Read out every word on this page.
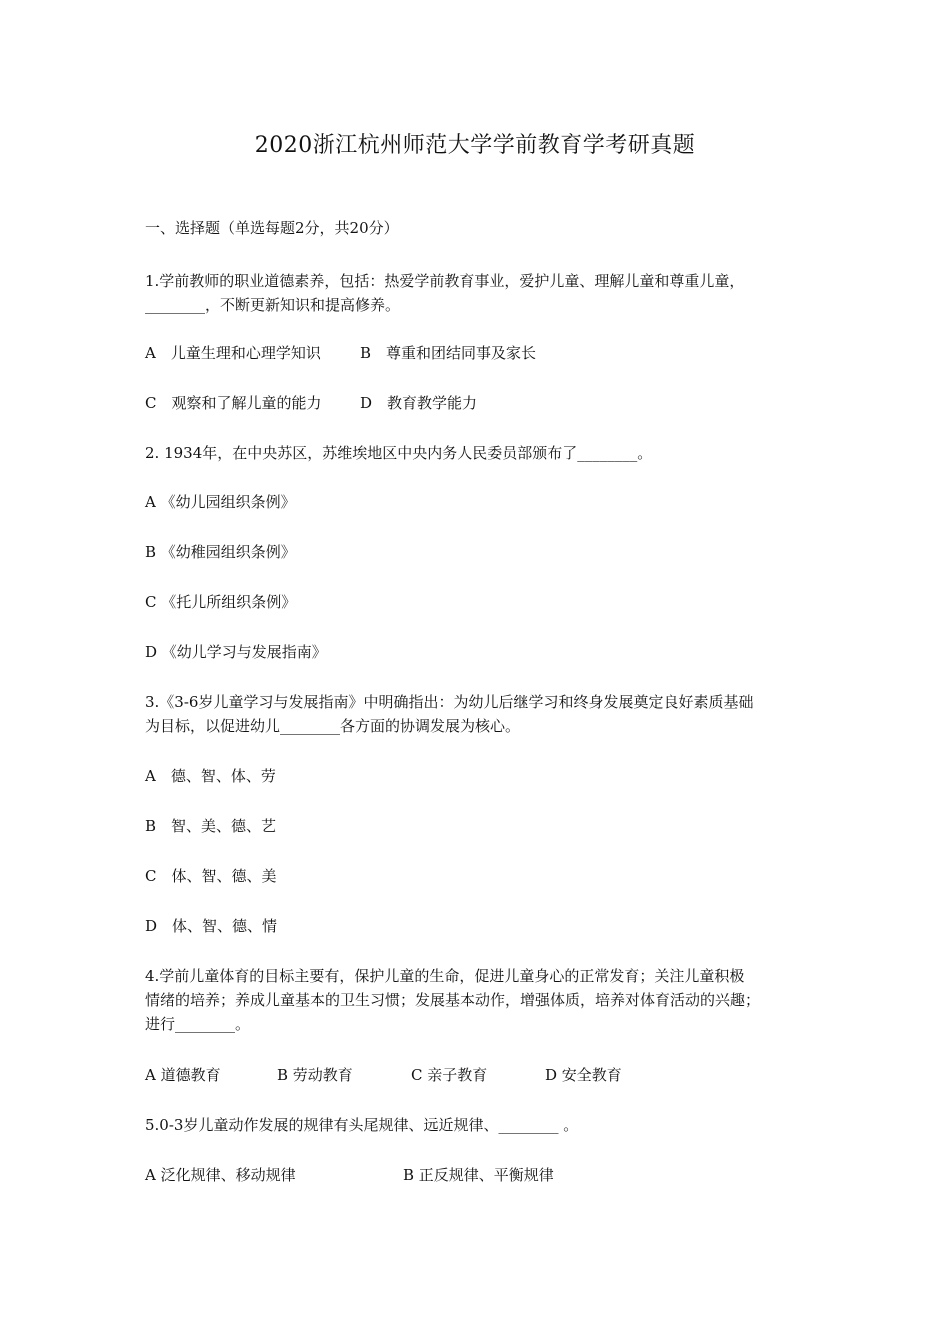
2020浙江杭州师范大学学前教育学考研真题
一、选择题（单选每题2分，共20分）
1.学前教师的职业道德素养，包括：热爱学前教育事业，爱护儿童、理解儿童和尊重儿童，
________，不断更新知识和提高修养。
A　儿童生理和心理学知识	B　尊重和团结同事及家长
C　观察和了解儿童的能力	D　教育教学能力
2. 1934年，在中央苏区，苏维埃地区中央内务人民委员部颁布了________。
A 《幼儿园组织条例》
B 《幼稚园组织条例》
C 《托儿所组织条例》
D 《幼儿学习与发展指南》
3.《3-6岁儿童学习与发展指南》中明确指出：为幼儿后继学习和终身发展奠定良好素质基础
为目标，以促进幼儿________各方面的协调发展为核心。
A　德、智、体、劳
B　智、美、德、艺
C　体、智、德、美
D　体、智、德、情
4.学前儿童体育的目标主要有，保护儿童的生命，促进儿童身心的正常发育；关注儿童积极
情绪的培养；养成儿童基本的卫生习惯；发展基本动作，增强体质，培养对体育活动的兴趣；
进行________。
A 道德教育	B 劳动教育	C 亲子教育	D 安全教育
5.0-3岁儿童动作发展的规律有头尾规律、远近规律、________ 。
A 泛化规律、移动规律	B 正反规律、平衡规律
